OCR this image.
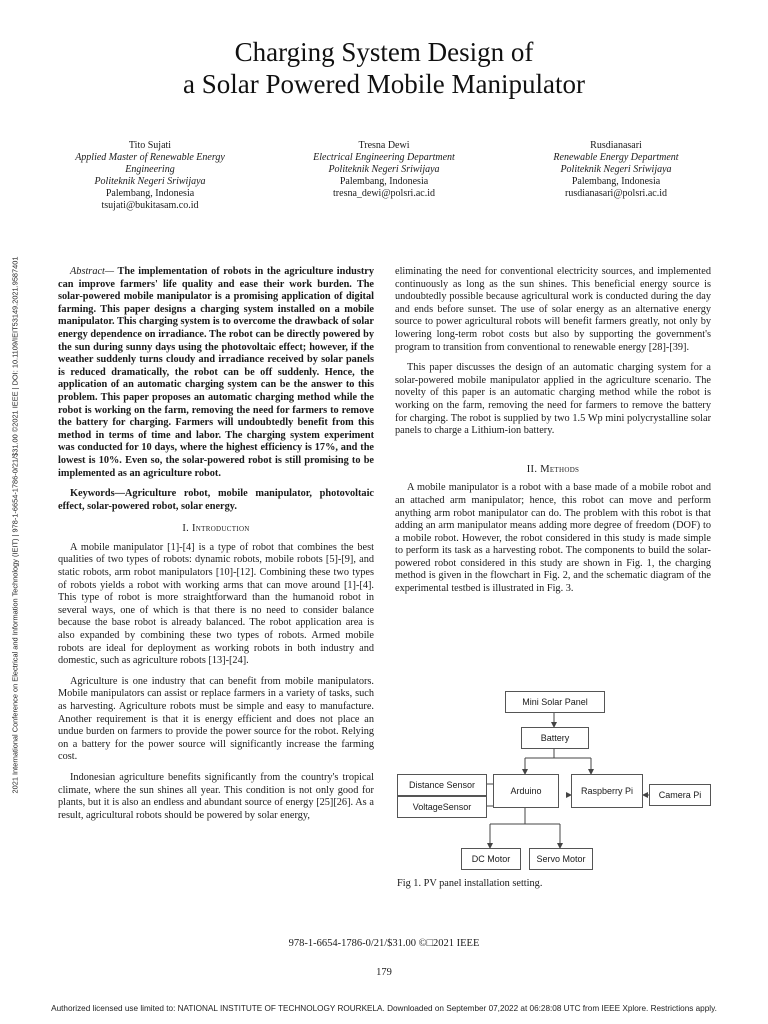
Charging System Design of
a Solar Powered Mobile Manipulator
Tito Sujati
Applied Master of Renewable Energy
Engineering
Politeknik Negeri Sriwijaya
Palembang, Indonesia
tsujati@bukitasam.co.id
Tresna Dewi
Electrical Engineering Department
Politeknik Negeri Sriwijaya
Palembang, Indonesia
tresna_dewi@polsri.ac.id
Rusdianasari
Renewable Energy Department
Politeknik Negeri Sriwijaya
Palembang, Indonesia
rusdianasari@polsri.ac.id
2021 International Conference on Electrical and Information Technology (IEIT) | 978-1-6654-1786-0/21/$31.00 ©2021 IEEE | DOI: 10.1109/IEIT53149.2021.9587401	Abstract— The implementation of robots in the agriculture industry can improve farmers' life quality and ease their work burden. The solar-powered mobile manipulator is a promising application of digital farming. This paper designs a charging system installed on a mobile manipulator. This charging system is to overcome the drawback of solar energy dependence on irradiance. The robot can be directly powered by the sun during sunny days using the photovoltaic effect; however, if the weather suddenly turns cloudy and irradiance received by solar panels is reduced dramatically, the robot can be off suddenly. Hence, the application of an automatic charging system can be the answer to this problem. This paper proposes an automatic charging method while the robot is working on the farm, removing the need for farmers to remove the battery for charging. Farmers will undoubtedly benefit from this method in terms of time and labor. The charging system experiment was conducted for 10 days, where the highest efficiency is 17%, and the lowest is 10%. Even so, the solar-powered robot is still promising to be implemented as an agriculture robot.

Keywords—Agriculture robot, mobile manipulator, photovoltaic effect, solar-powered robot, solar energy.

I. Introduction

A mobile manipulator [1]-[4] is a type of robot that combines the best qualities of two types of robots: dynamic robots, mobile robots [5]-[9], and static robots, arm robot manipulators [10]-[12]. Combining these two types of robots yields a robot with working arms that can move around [1]-[4]. This type of robot is more straightforward than the humanoid robot in several ways, one of which is that there is no need to consider balance because the base robot is already balanced. The robot application area is also expanded by combining these two types of robots. Armed mobile robots are ideal for deployment as working robots in both industry and domestic, such as agriculture robots [13]-[24].

Agriculture is one industry that can benefit from mobile manipulators. Mobile manipulators can assist or replace farmers in a variety of tasks, such as harvesting. Agriculture robots must be simple and easy to manufacture. Another requirement is that it is energy efficient and does not place an undue burden on farmers to provide the power source for the robot. Relying on a battery for the power source will significantly increase the farming cost.

Indonesian agriculture benefits significantly from the country's tropical climate, where the sun shines all year. This condition is not only good for plants, but it is also an endless and abundant source of energy [25][26]. As a result, agricultural robots should be powered by solar energy,

eliminating the need for conventional electricity sources, and implemented continuously as long as the sun shines. This beneficial energy source is undoubtedly possible because agricultural work is conducted during the day and ends before sunset. The use of solar energy as an alternative energy source to power agricultural robots will benefit farmers greatly, not only by lowering long-term robot costs but also by supporting the government's program to transition from conventional to renewable energy [28]-[39].

This paper discusses the design of an automatic charging system for a solar-powered mobile manipulator applied in the agriculture scenario. The novelty of this paper is an automatic charging method while the robot is working on the farm, removing the need for farmers to remove the battery for charging. The robot is supplied by two 1.5 Wp mini polycrystalline solar panels to charge a Lithium-ion battery.

II. Methods

A mobile manipulator is a robot with a base made of a mobile robot and an attached arm manipulator; hence, this robot can move and perform anything arm robot manipulator can do. The problem with this robot is that adding an arm manipulator means adding more degree of freedom (DOF) to a mobile robot. However, the robot considered in this study is made simple to perform its task as a harvesting robot. The components to build the solar-powered robot considered in this study are shown in Fig. 1, the charging method is given in the flowchart in Fig. 2, and the schematic diagram of the experimental testbed is illustrated in Fig. 3.

Mini Solar Panel
Battery
Distance Sensor
VoltageSensor
Arduino	Raspberry Pi	Camera Pi
DC Motor	Servo Motor
Fig 1. PV panel installation setting.
978-1-6654-1786-0/21/$31.00 ©□2021 IEEE
179
Authorized licensed use limited to: NATIONAL INSTITUTE OF TECHNOLOGY ROURKELA. Downloaded on September 07,2022 at 06:28:08 UTC from IEEE Xplore. Restrictions apply.
